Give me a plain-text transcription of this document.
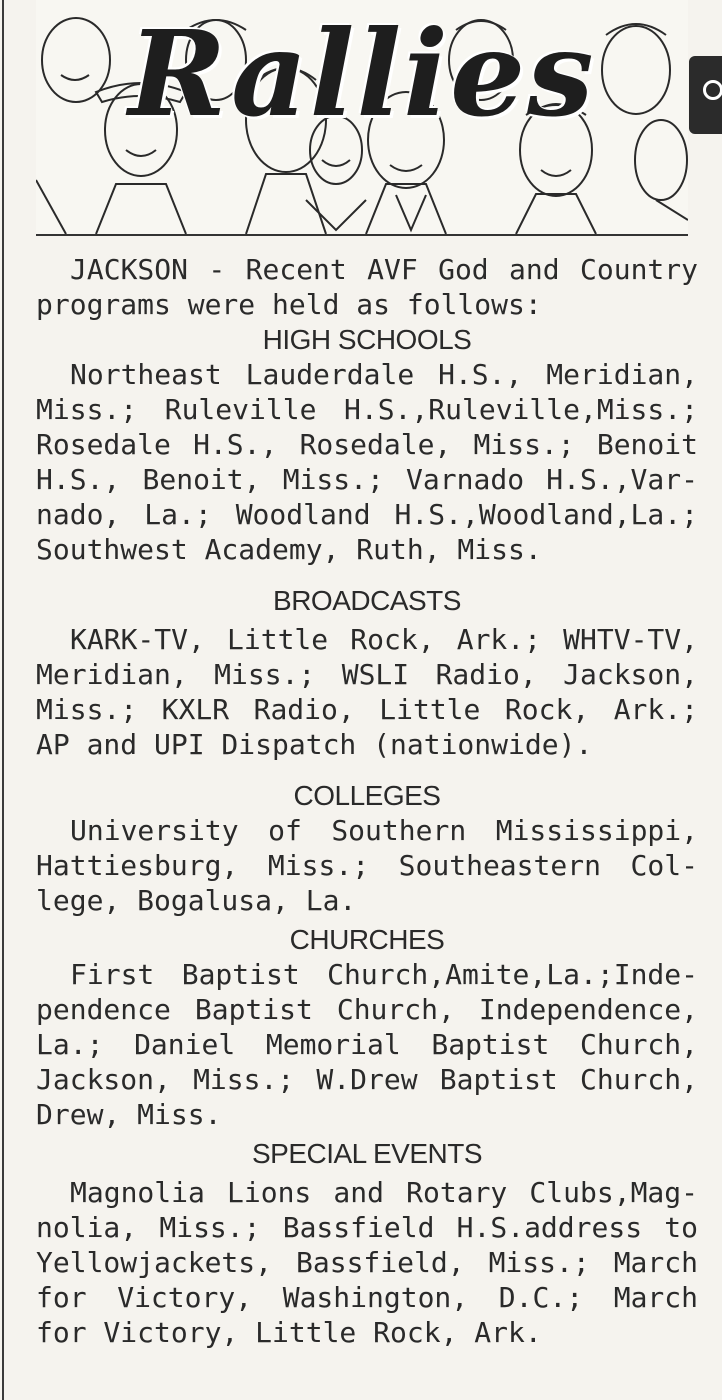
Rallies

JACKSON - Recent AVF God and Country programs were held as follows:

HIGH SCHOOLS

Northeast Lauderdale H.S., Meridian, Miss.; Ruleville H.S.,Ruleville,Miss.; Rosedale H.S., Rosedale, Miss.; Benoit H.S., Benoit, Miss.; Varnado H.S.,Var-nado, La.; Woodland H.S.,Woodland,La.; Southwest Academy, Ruth, Miss.

BROADCASTS

KARK-TV, Little Rock, Ark.; WHTV-TV, Meridian, Miss.; WSLI Radio, Jackson, Miss.; KXLR Radio, Little Rock, Ark.; AP and UPI Dispatch (nationwide).

COLLEGES

University of Southern Mississippi, Hattiesburg, Miss.; Southeastern Col-lege, Bogalusa, La.

CHURCHES

First Baptist Church,Amite,La.;Inde-pendence Baptist Church, Independence, La.; Daniel Memorial Baptist Church, Jackson, Miss.; W.Drew Baptist Church, Drew, Miss.

SPECIAL EVENTS

Magnolia Lions and Rotary Clubs,Mag-nolia, Miss.; Bassfield H.S.address to Yellowjackets, Bassfield, Miss.; March for Victory, Washington, D.C.; March for Victory, Little Rock, Ark.
